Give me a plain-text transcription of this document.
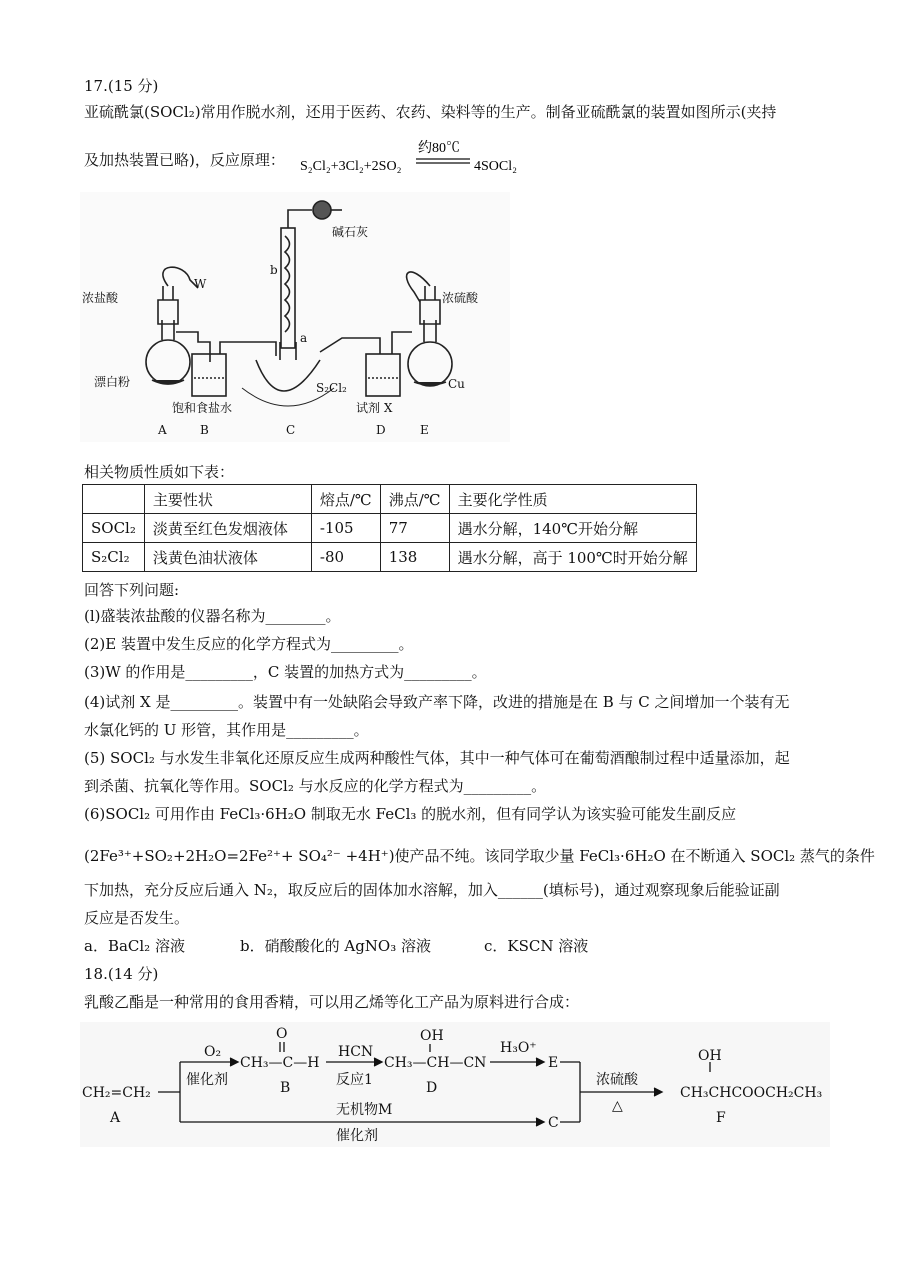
17.(15 分)
亚硫酰氯(SOCl₂)常用作脱水剂，还用于医药、农药、染料等的生产。制备亚硫酰氯的装置如图所示(夹持
及加热装置已略)，反应原理： S₂Cl₂+3Cl₂+2SO₂
约80℃
4SOCl₂
碱石灰
浓盐酸
W
b
a
浓硫酸
漂白粉
饱和食盐水
S₂Cl₂
试剂 X
Cu
A	B	C	D	E
相关物质性质如下表：
	主要性状	熔点/℃	沸点/℃	主要化学性质
SOCl₂	淡黄至红色发烟液体	-105	77	遇水分解，140℃开始分解
S₂Cl₂	浅黄色油状液体	-80	138	遇水分解，高于 100℃时开始分解
回答下列问题:
(l)盛装浓盐酸的仪器名称为________。
(2)E 装置中发生反应的化学方程式为_________。
(3)W 的作用是_________，C 装置的加热方式为_________。
(4)试剂 X 是_________。装置中有一处缺陷会导致产率下降，改进的措施是在 B 与 C 之间增加一个装有无
水氯化钙的 U 形管，其作用是_________。
(5) SOCl₂ 与水发生非氧化还原反应生成两种酸性气体，其中一种气体可在葡萄酒酿制过程中适量添加，起
到杀菌、抗氧化等作用。SOCl₂ 与水反应的化学方程式为_________。
(6)SOCl₂ 可用作由 FeCl₃·6H₂O 制取无水 FeCl₃ 的脱水剂，但有同学认为该实验可能发生副反应
(2Fe³⁺+SO₂+2H₂O=2Fe²⁺+ SO₄²⁻ +4H⁺)使产品不纯。该同学取少量 FeCl₃·6H₂O 在不断通入 SOCl₂ 蒸气的条件
下加热，充分反应后通入 N₂，取反应后的固体加水溶解，加入______(填标号)，通过观察现象后能验证副
反应是否发生。
a．BaCl₂ 溶液	b．硝酸酸化的 AgNO₃ 溶液	c．KSCN 溶液
18.(14 分)
乳酸乙酯是一种常用的食用香精，可以用乙烯等化工产品为原料进行合成：
CH₂=CH₂
A
O₂
催化剂
O
CH₃—C—H
B
HCN
反应1
OH
CH₃—CH—CN
D
H₃O⁺
E
浓硫酸
△
OH
CH₃CHCOOCH₂CH₃
F
无机物M
催化剂
C
